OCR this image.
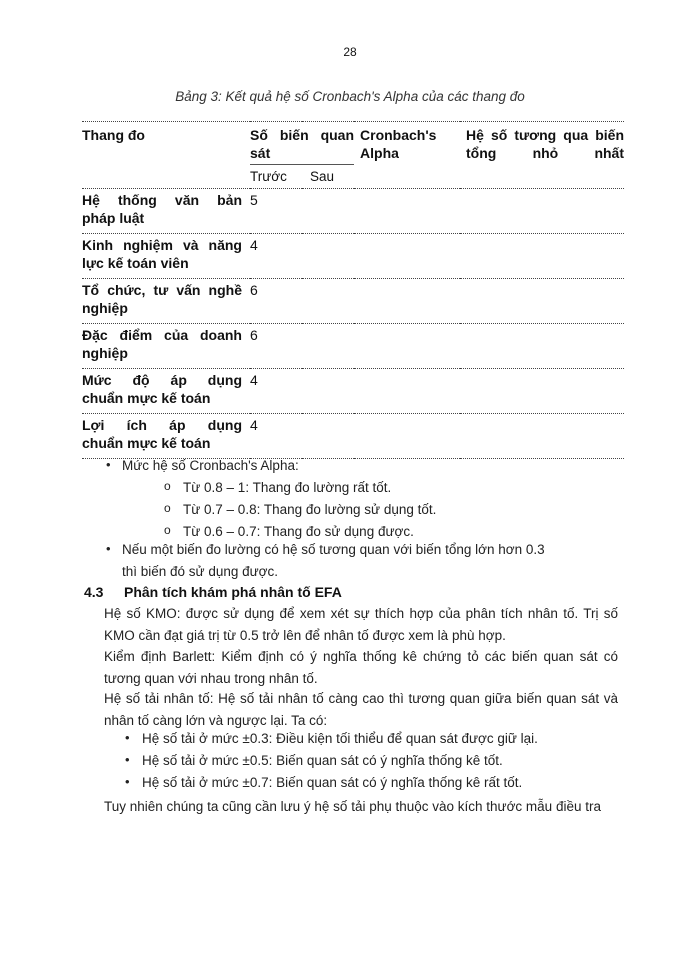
28
Bảng 3: Kết quả hệ số Cronbach's Alpha của các thang đo
Thang đo	Số biến quan sát		Cronbach's Alpha	Hệ số tương qua biến tổng nhỏ nhất
	Trước	Sau		

Hệ thống văn bản
pháp luật	5			

Kinh nghiệm và năng
lực kế toán viên	4			

Tổ chức, tư vấn nghề
nghiệp	6			

Đặc điểm của doanh
nghiệp	6			

Mức độ áp dụng
chuẩn mực kế toán	4			

Lợi ích áp dụng
chuẩn mực kế toán	4			
• Mức hệ số Cronbach's Alpha:
o Từ 0.8 – 1: Thang đo lường rất tốt.
o Từ 0.7 – 0.8: Thang đo lường sử dụng tốt.
o Từ 0.6 – 0.7: Thang đo sử dụng được.
• Nếu một biến đo lường có hệ số tương quan với biến tổng lớn hơn 0.3
thì biến đó sử dụng được.
4.3 Phân tích khám phá nhân tố EFA
Hệ số KMO: được sử dụng để xem xét sự thích hợp của phân tích nhân tố. Trị số KMO cần đạt giá trị từ 0.5 trở lên để nhân tố được xem là phù hợp.
Kiểm định Barlett: Kiểm định có ý nghĩa thống kê chứng tỏ các biến quan sát có tương quan với nhau trong nhân tố.
Hệ số tải nhân tố: Hệ số tải nhân tố càng cao thì tương quan giữa biến quan sát và nhân tố càng lớn và ngược lại. Ta có:
• Hệ số tải ở mức ±0.3: Điều kiện tối thiểu để quan sát được giữ lại.
• Hệ số tải ở mức ±0.5: Biến quan sát có ý nghĩa thống kê tốt.
• Hệ số tải ở mức ±0.7: Biến quan sát có ý nghĩa thống kê rất tốt.
Tuy nhiên chúng ta cũng cần lưu ý hệ số tải phụ thuộc vào kích thước mẫu điều tra
